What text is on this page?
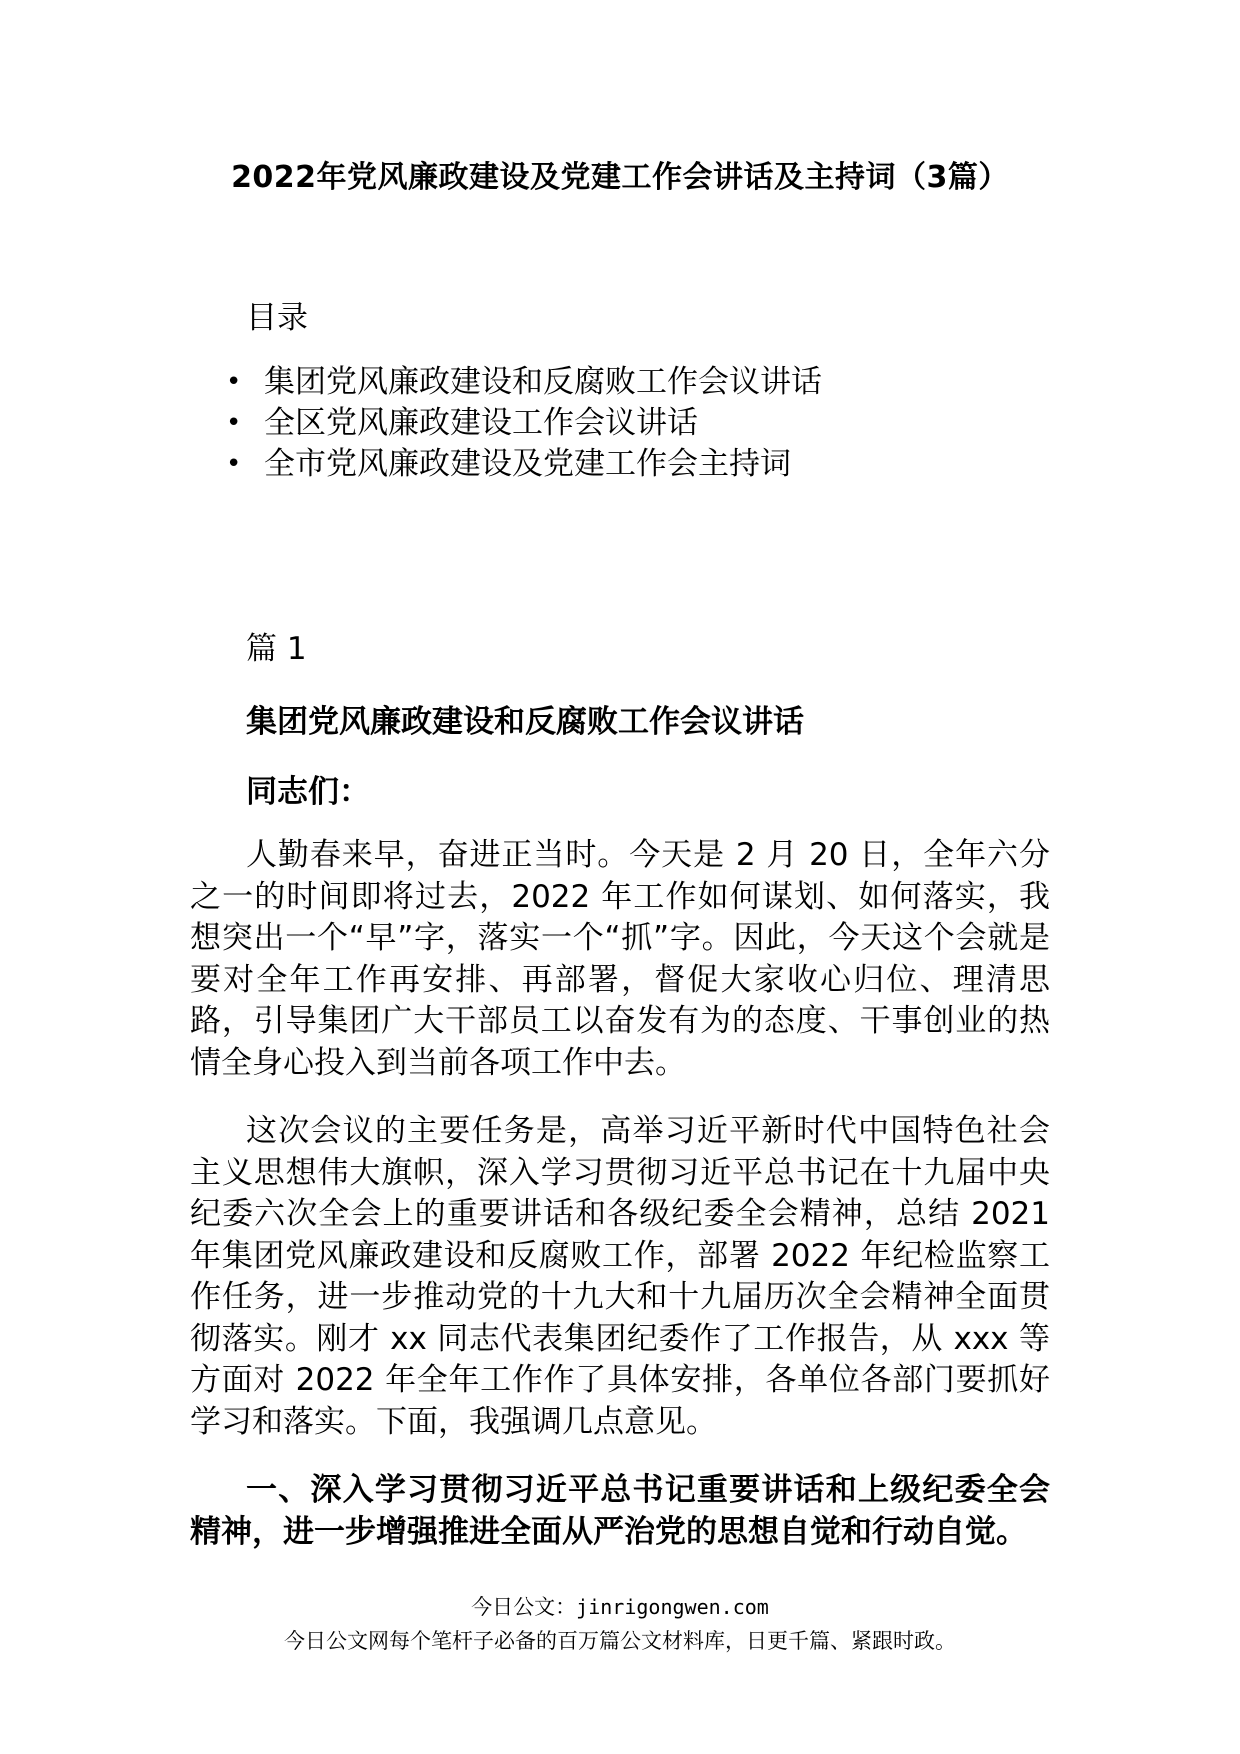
2022年党风廉政建设及党建工作会讲话及主持词（3篇）
目录
• 集团党风廉政建设和反腐败工作会议讲话
• 全区党风廉政建设工作会议讲话
• 全市党风廉政建设及党建工作会主持词
篇 1
集团党风廉政建设和反腐败工作会议讲话
同志们：

人勤春来早，奋进正当时。今天是 2 月 20 日，全年六分之一的时间即将过去，2022 年工作如何谋划、如何落实，我想突出一个“早”字，落实一个“抓”字。因此，今天这个会就是要对全年工作再安排、再部署，督促大家收心归位、理清思路，引导集团广大干部员工以奋发有为的态度、干事创业的热情全身心投入到当前各项工作中去。

这次会议的主要任务是，高举习近平新时代中国特色社会主义思想伟大旗帜，深入学习贯彻习近平总书记在十九届中央纪委六次全会上的重要讲话和各级纪委全会精神，总结 2021 年集团党风廉政建设和反腐败工作，部署 2022 年纪检监察工作任务，进一步推动党的十九大和十九届历次全会精神全面贯彻落实。刚才 xx 同志代表集团纪委作了工作报告，从 xxx 等方面对 2022 年全年工作作了具体安排，各单位各部门要抓好学习和落实。下面，我强调几点意见。

一、深入学习贯彻习近平总书记重要讲话和上级纪委全会精神，进一步增强推进全面从严治党的思想自觉和行动自觉。

今日公文：jinrigongwen.com
今日公文网每个笔杆子必备的百万篇公文材料库，日更千篇、紧跟时政。
